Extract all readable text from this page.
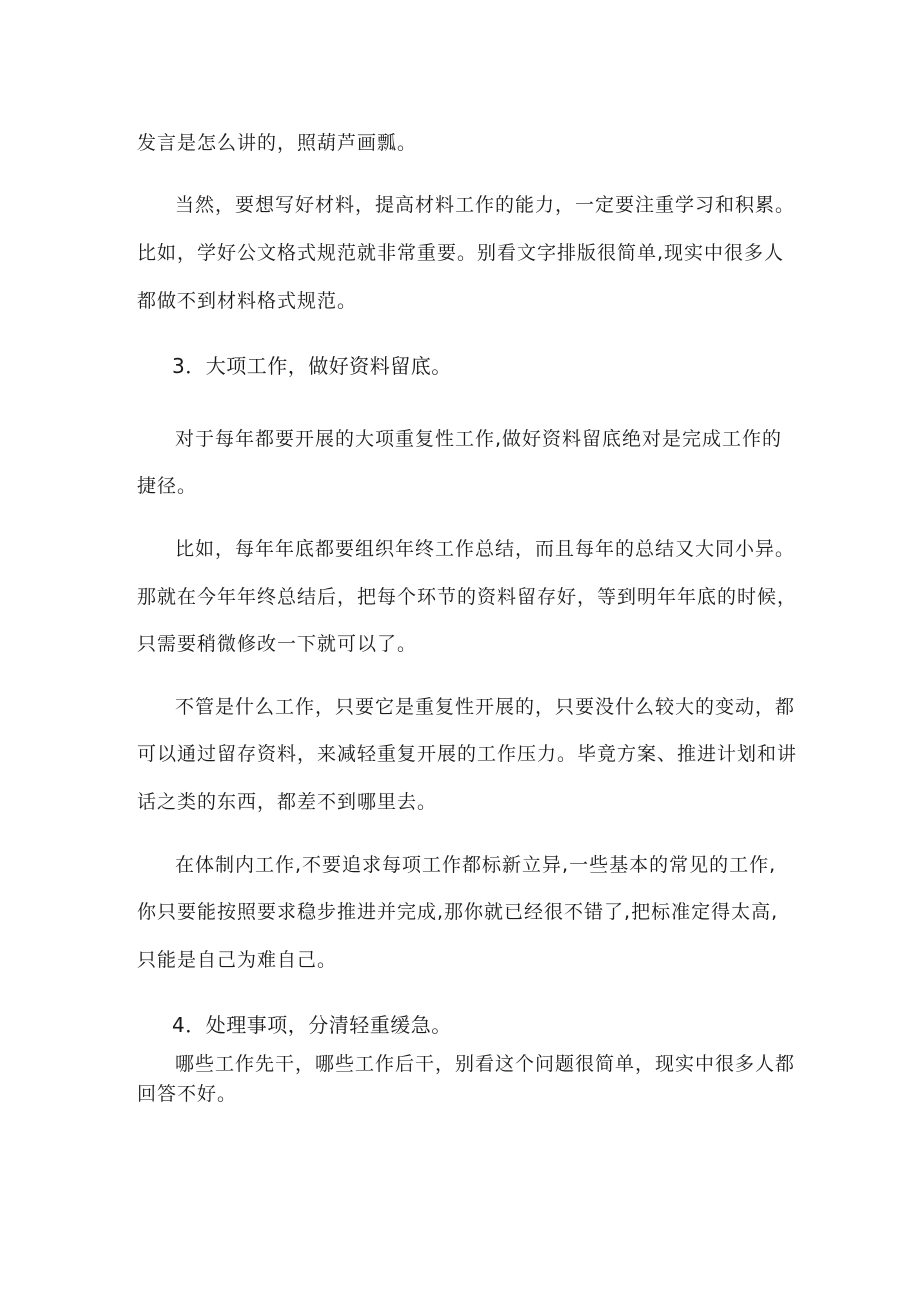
发言是怎么讲的，照葫芦画瓢。
当然，要想写好材料，提高材料工作的能力，一定要注重学习和积累。
比如，学好公文格式规范就非常重要。别看文字排版很简单,现实中很多人
都做不到材料格式规范。
3．大项工作，做好资料留底。
对于每年都要开展的大项重复性工作,做好资料留底绝对是完成工作的
捷径。
比如，每年年底都要组织年终工作总结，而且每年的总结又大同小异。
那就在今年年终总结后，把每个环节的资料留存好，等到明年年底的时候，
只需要稍微修改一下就可以了。
不管是什么工作，只要它是重复性开展的，只要没什么较大的变动，都
可以通过留存资料，来减轻重复开展的工作压力。毕竟方案、推进计划和讲
话之类的东西，都差不到哪里去。
在体制内工作,不要追求每项工作都标新立异,一些基本的常见的工作,
你只要能按照要求稳步推进并完成,那你就已经很不错了,把标准定得太高,
只能是自己为难自己。
4．处理事项，分清轻重缓急。
哪些工作先干，哪些工作后干，别看这个问题很简单，现实中很多人都
回答不好。
